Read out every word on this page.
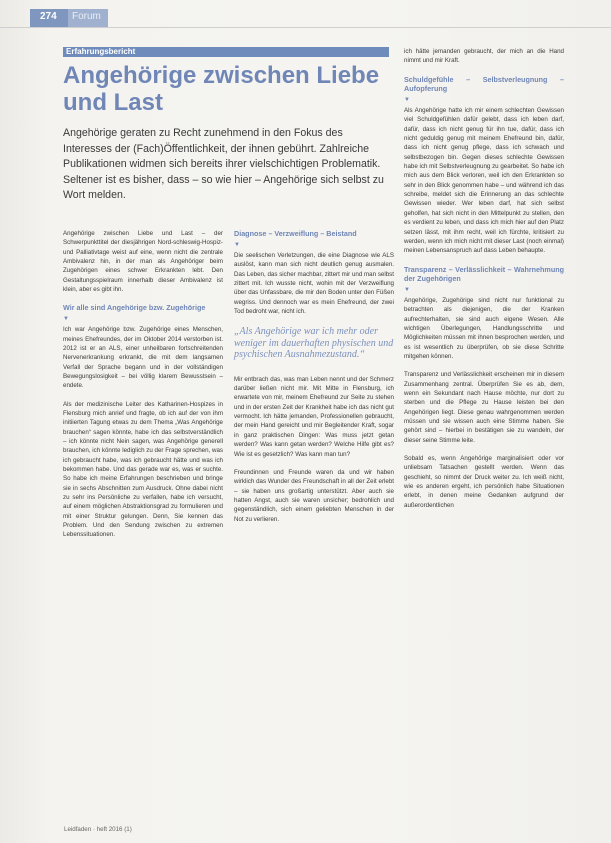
274 Forum
Erfahrungsbericht
Angehörige zwischen Liebe und Last

Angehörige geraten zu Recht zunehmend in den Fokus des Interesses der (Fach)Öffentlichkeit, der ihnen gebührt. Zahlreiche Publikationen widmen sich bereits ihrer vielschichtigen Problematik. Seltener ist es bisher, dass – so wie hier – Angehörige sich selbst zu Wort melden.

Angehörige zwischen Liebe und Last – der Schwerpunkttitel der diesjährigen Nord-schleswig-Hospiz- und Palliativtage weist auf eine, wenn nicht die zentrale Ambivalenz hin, in der man als Angehöriger beim Zugehörigen eines schwer Erkrankten lebt. Den Gestaltungsspielraum innerhalb dieser Ambivalenz ist klein, aber es gibt ihn.

Wir alle sind Angehörige bzw. Zugehörige
▼

Ich war Angehörige bzw. Zugehörige eines Menschen, meines Ehefreundes, der im Oktober 2014 verstorben ist. 2012 ist er an ALS, einer unheilbaren fortschreitenden Nervenerkrankung erkrankt, die mit dem langsamen Verfall der Sprache begann und in der vollständigen Bewegungslosigkeit – bei völlig klarem Bewusstsein – endete.

Als der medizinische Leiter des Katharinen-Hospizes in Flensburg mich anrief und fragte, ob ich auf der von ihm initiierten Tagung etwas zu dem Thema „Was Angehörige brauchen“ sagen könnte, habe ich das selbstverständlich – ich könnte nicht Nein sagen, was Angehörige generell brauchen, ich könnte lediglich zu der Frage sprechen, was ich gebraucht habe, was ich gebraucht hätte und was ich bekommen habe. Und das gerade war es, was er suchte. So habe ich meine Erfahrungen beschrieben und bringe sie in sechs Abschnitten zum Ausdruck. Ohne dabei nicht zu sehr ins Persönliche zu verfallen, habe ich versucht, auf einem möglichen Abstraktionsgrad zu formulieren und mit einer Struktur gelungen. Denn, Sie kennen das Problem. Und den Sendung zwischen zu extremen Lebenssituationen.

Diagnose – Verzweiflung – Beistand
▼

Die seelischen Verletzungen, die eine Diagnose wie ALS auslöst, kann man sich nicht deutlich genug ausmalen. Das Leben, das sicher machbar, zittert mir und man selbst zittert mit. Ich wusste nicht, wohin mit der Verzweiflung über das Unfassbare, die mir den Boden unter den Füßen wegriss. Und dennoch war es mein Ehefreund, der zwei Tod bedroht war, nicht ich.

„Als Angehörige war ich mehr oder weniger im dauerhaften physischen und psychischen Ausnahmezustand.“

Mir entbrach das, was man Leben nennt und der Schmerz darüber ließen nicht mir. Mit Mitte in Flensburg, ich erwartete von mir, meinem Ehefreund zur Seite zu stehen und in der ersten Zeit der Krankheit habe ich das nicht gut vermocht. Ich hätte jemanden, Professionellen gebraucht, der mein Hand gereicht und mir Begleitender Kraft, sogar in ganz praktischen Dingen: Was muss jetzt getan werden? Was kann getan werden? Welche Hilfe gibt es? Wie ist es gesetzlich? Was kann man tun?

Freundinnen und Freunde waren da und wir haben wirklich das Wunder des Freundschaft in all der Zeit erlebt – sie haben uns großartig unterstützt. Aber auch sie hatten Angst, auch sie waren unsicher; bedrohlich und gegenständlich, sich einem geliebten Menschen in der Not zu verlieren.

ich hätte jemanden gebraucht, der mich an die Hand nimmt und mir Kraft.

Schuldgefühle – Selbstverleugnung – Aufopferung
▼

Als Angehörige hatte ich mir einem schlechten Gewissen viel Schuldgefühlen dafür gelebt, dass ich leben darf, dafür, dass ich nicht genug für ihn tue, dafür, dass ich nicht geduldig genug mit meinem Ehefreund bin, dafür, dass ich nicht genug pflege, dass ich schwach und selbstbezogen bin. Gegen dieses schlechte Gewissen habe ich mit Selbstverleugnung zu gearbeitet. So habe ich mich aus dem Blick verloren, weil ich den Erkrankten so sehr in den Blick genommen habe – und während ich das schreibe, meldet sich die Erinnerung an das schlechte Gewissen wieder. Wer leben darf, hat sich selbst geholfen, hat sich nicht in den Mittelpunkt zu stellen, den es verdient zu leben, und dass ich mich hier auf den Platz setzen lässt, mit ihm recht, weil ich fürchte, kritisiert zu werden, wenn ich mich nicht mit dieser Last (noch einmal) meinen Lebensanspruch auf dass Leben behaupte.

Transparenz – Verlässlichkeit – Wahrnehmung der Zugehörigen
▼

Angehörige, Zugehörige sind nicht nur funktional zu betrachten als diejenigen, die der Kranken aufrechterhalten, sie sind auch eigene Wesen. Alle wichtigen Überlegungen, Handlungsschritte und Möglichkeiten müssen mit ihnen besprochen werden, und es ist wesentlich zu überprüfen, ob sie diese Schritte mitgehen können.

Transparenz und Verlässlichkeit erscheinen mir in diesem Zusammenhang zentral. Überprüfen Sie es ab, dem, wenn ein Sekundant nach Hause möchte, nur dort zu sterben und die Pflege zu Hause leisten bei den Angehörigen liegt. Diese genau wahrgenommen werden müssen und sie wissen auch eine Stimme haben. Sie gehört sind – hierbei in bestätigen sie zu wandeln, der dieser seine Stimme leite.

Sobald es, wenn Angehörige marginalisiert oder vor unliebsam Tatsachen gestellt werden. Wenn das geschieht, so nimmt der Druck weiter zu. Ich weiß nicht, wie es anderen ergeht, ich persönlich habe Situationen erlebt, in denen meine Gedanken aufgrund der außerordentlichen

Leidfaden · heft 2016 (1)
